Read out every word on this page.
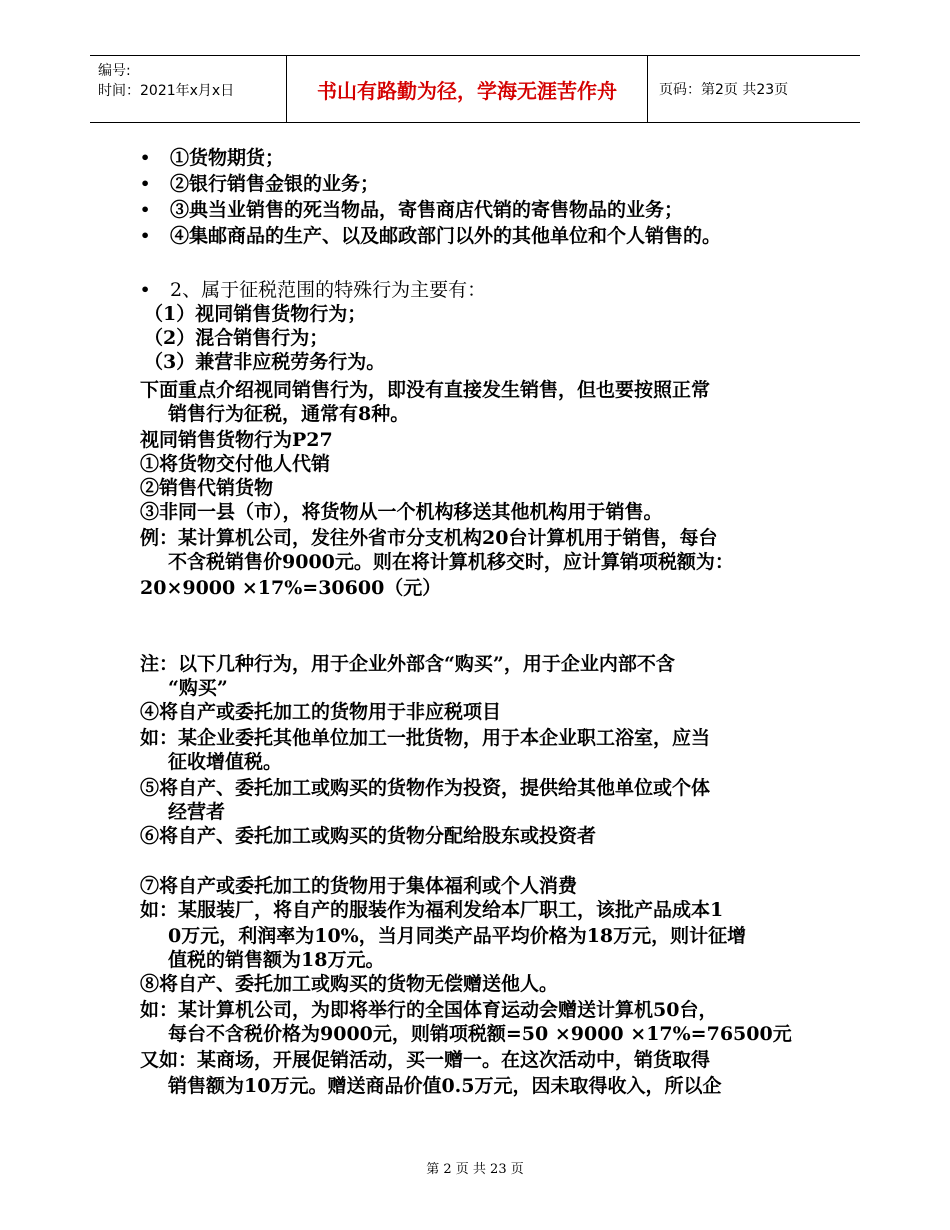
编号:
时间：2021年x月x日	书山有路勤为径，学海无涯苦作舟	页码：第2页 共23页
• ①货物期货；
• ②银行销售金银的业务；
• ③典当业销售的死当物品，寄售商店代销的寄售物品的业务；
• ④集邮商品的生产、以及邮政部门以外的其他单位和个人销售的。
• 2、属于征税范围的特殊行为主要有：
（1）视同销售货物行为；
（2）混合销售行为；
（3）兼营非应税劳务行为。
下面重点介绍视同销售行为，即没有直接发生销售，但也要按照正常
销售行为征税，通常有8种。
视同销售货物行为P27
①将货物交付他人代销
②销售代销货物
③非同一县（市），将货物从一个机构移送其他机构用于销售。
例：某计算机公司，发往外省市分支机构20台计算机用于销售，每台
不含税销售价9000元。则在将计算机移交时，应计算销项税额为：
20×9000 ×17%=30600（元）
注：以下几种行为，用于企业外部含“购买”，用于企业内部不含
“购买”
④将自产或委托加工的货物用于非应税项目
如：某企业委托其他单位加工一批货物，用于本企业职工浴室，应当
征收增值税。
⑤将自产、委托加工或购买的货物作为投资，提供给其他单位或个体
经营者
⑥将自产、委托加工或购买的货物分配给股东或投资者
⑦将自产或委托加工的货物用于集体福利或个人消费
如：某服装厂，将自产的服装作为福利发给本厂职工，该批产品成本1
0万元，利润率为10%，当月同类产品平均价格为18万元，则计征增
值税的销售额为18万元。
⑧将自产、委托加工或购买的货物无偿赠送他人。
如：某计算机公司，为即将举行的全国体育运动会赠送计算机50台，
每台不含税价格为9000元，则销项税额=50 ×9000 ×17%=76500元
又如：某商场，开展促销活动，买一赠一。在这次活动中，销货取得
销售额为10万元。赠送商品价值0.5万元，因未取得收入，所以企
第 2 页 共 23 页
